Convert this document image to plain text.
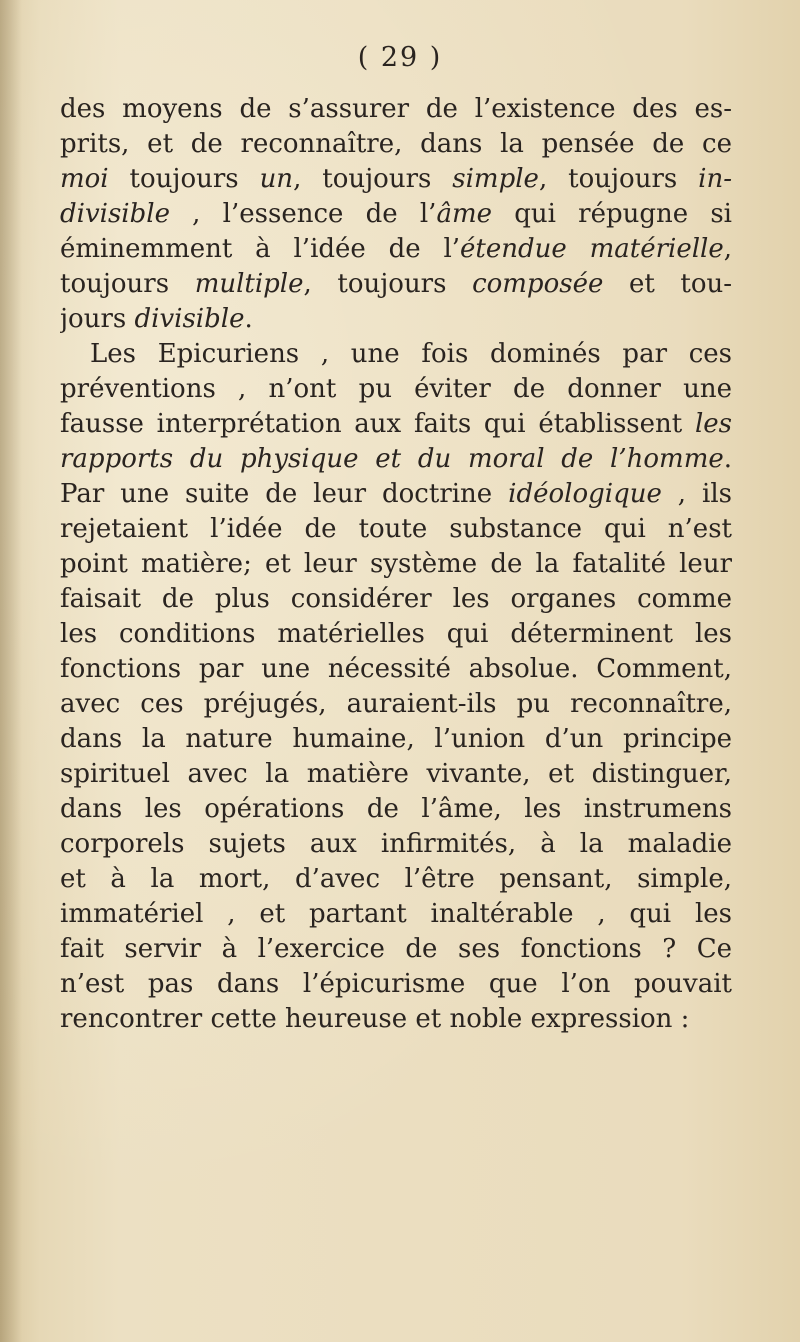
( 29 )
des moyens de s’assurer de l’existence des es-
prits, et de reconnaître, dans la pensée de ce
moi toujours un, toujours simple, toujours in-
divisible , l’essence de l’âme qui répugne si
éminemment à l’idée de l’étendue matérielle,
toujours multiple, toujours composée et tou-
jours divisible.
Les Epicuriens , une fois dominés par ces
préventions , n’ont pu éviter de donner une
fausse interprétation aux faits qui établissent les
rapports du physique et du moral de l’homme.
Par une suite de leur doctrine idéologique , ils
rejetaient l’idée de toute substance qui n’est
point matière; et leur système de la fatalité leur
faisait de plus considérer les organes comme
les conditions matérielles qui déterminent les
fonctions par une nécessité absolue. Comment,
avec ces préjugés, auraient-ils pu reconnaître,
dans la nature humaine, l’union d’un principe
spirituel avec la matière vivante, et distinguer,
dans les opérations de l’âme, les instrumens
corporels sujets aux infirmités, à la maladie
et à la mort, d’avec l’être pensant, simple,
immatériel , et partant inaltérable , qui les
fait servir à l’exercice de ses fonctions ? Ce
n’est pas dans l’épicurisme que l’on pouvait
rencontrer cette heureuse et noble expression :
